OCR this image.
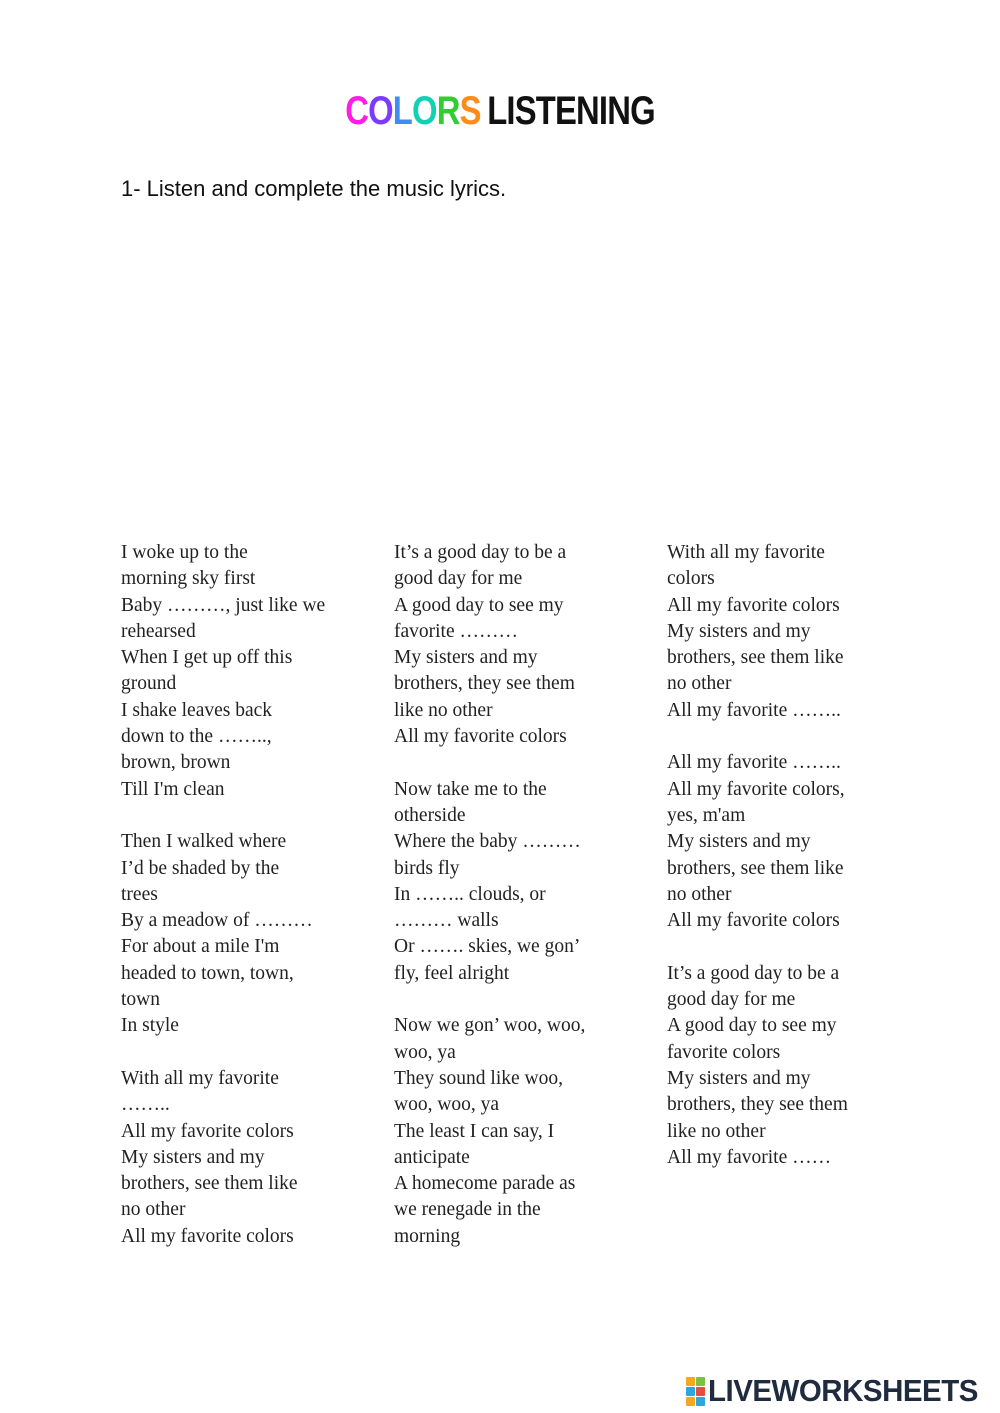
COLORS LISTENING

1- Listen and complete the music lyrics.

I woke up to the
morning sky first
Baby ………, just like we
rehearsed
When I get up off this
ground
I shake leaves back
down to the ……..,
brown, brown
Till I'm clean
Then I walked where
I’d be shaded by the
trees
By a meadow of ………
For about a mile I'm
headed to town, town,
town
In style
With all my favorite
……..
All my favorite colors
My sisters and my
brothers, see them like
no other
All my favorite colors
It’s a good day to be a
good day for me
A good day to see my
favorite ………
My sisters and my
brothers, they see them
like no other
All my favorite colors
Now take me to the
otherside
Where the baby ………
birds fly
In …….. clouds, or
……… walls
Or ……. skies, we gon’
fly, feel alright
Now we gon’ woo, woo,
woo, ya
They sound like woo,
woo, woo, ya
The least I can say, I
anticipate
A homecome parade as
we renegade in the
morning
With all my favorite
colors
All my favorite colors
My sisters and my
brothers, see them like
no other
All my favorite ……..
All my favorite ……..
All my favorite colors,
yes, m'am
My sisters and my
brothers, see them like
no other
All my favorite colors
It’s a good day to be a
good day for me
A good day to see my
favorite colors
My sisters and my
brothers, they see them
like no other
All my favorite ……
LIVEWORKSHEETS
